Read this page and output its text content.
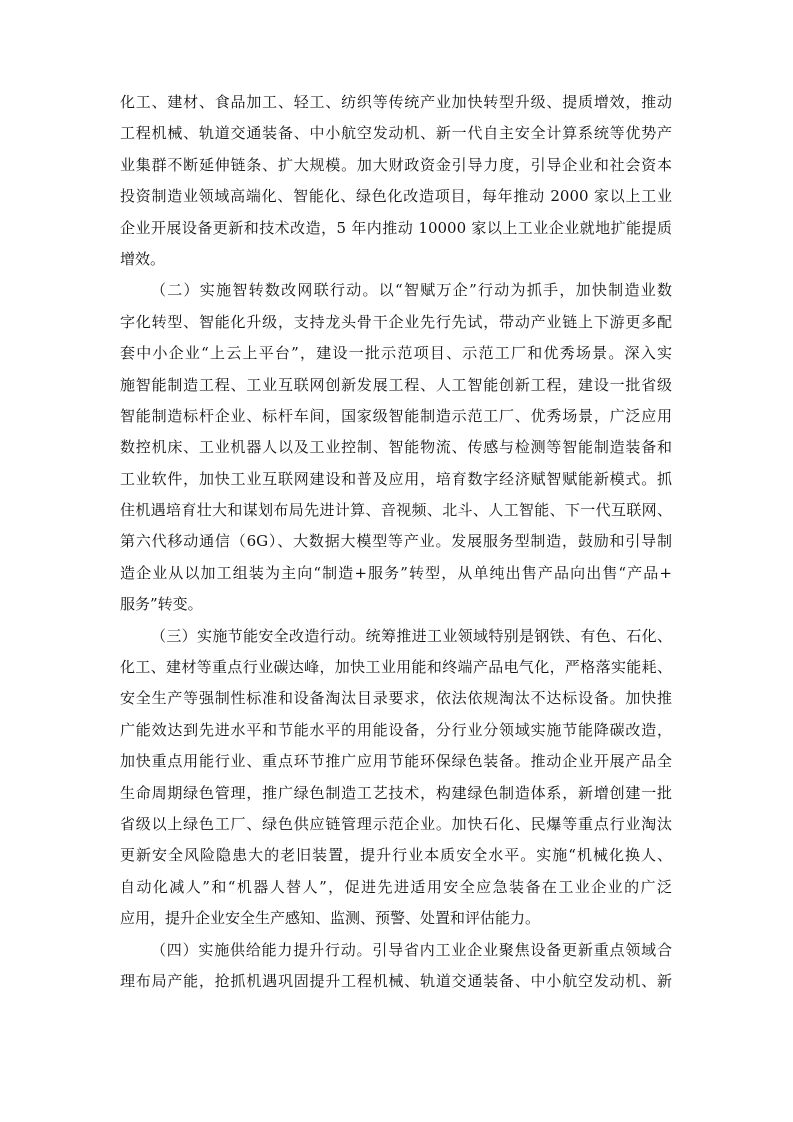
化工、建材、食品加工、轻工、纺织等传统产业加快转型升级、提质增效，推动
工程机械、轨道交通装备、中小航空发动机、新一代自主安全计算系统等优势产
业集群不断延伸链条、扩大规模。加大财政资金引导力度，引导企业和社会资本
投资制造业领域高端化、智能化、绿色化改造项目，每年推动 2000 家以上工业
企业开展设备更新和技术改造，5 年内推动 10000 家以上工业企业就地扩能提质
增效。
（二）实施智转数改网联行动。以“智赋万企”行动为抓手，加快制造业数
字化转型、智能化升级，支持龙头骨干企业先行先试，带动产业链上下游更多配
套中小企业“上云上平台”，建设一批示范项目、示范工厂和优秀场景。深入实
施智能制造工程、工业互联网创新发展工程、人工智能创新工程，建设一批省级
智能制造标杆企业、标杆车间，国家级智能制造示范工厂、优秀场景，广泛应用
数控机床、工业机器人以及工业控制、智能物流、传感与检测等智能制造装备和
工业软件，加快工业互联网建设和普及应用，培育数字经济赋智赋能新模式。抓
住机遇培育壮大和谋划布局先进计算、音视频、北斗、人工智能、下一代互联网、
第六代移动通信（6G）、大数据大模型等产业。发展服务型制造，鼓励和引导制
造企业从以加工组装为主向“制造+服务”转型，从单纯出售产品向出售“产品+
服务”转变。
（三）实施节能安全改造行动。统筹推进工业领域特别是钢铁、有色、石化、
化工、建材等重点行业碳达峰，加快工业用能和终端产品电气化，严格落实能耗、
安全生产等强制性标准和设备淘汰目录要求，依法依规淘汰不达标设备。加快推
广能效达到先进水平和节能水平的用能设备，分行业分领域实施节能降碳改造，
加快重点用能行业、重点环节推广应用节能环保绿色装备。推动企业开展产品全
生命周期绿色管理，推广绿色制造工艺技术，构建绿色制造体系，新增创建一批
省级以上绿色工厂、绿色供应链管理示范企业。加快石化、民爆等重点行业淘汰
更新安全风险隐患大的老旧装置，提升行业本质安全水平。实施“机械化换人、
自动化减人”和“机器人替人”，促进先进适用安全应急装备在工业企业的广泛
应用，提升企业安全生产感知、监测、预警、处置和评估能力。
（四）实施供给能力提升行动。引导省内工业企业聚焦设备更新重点领域合
理布局产能，抢抓机遇巩固提升工程机械、轨道交通装备、中小航空发动机、新
